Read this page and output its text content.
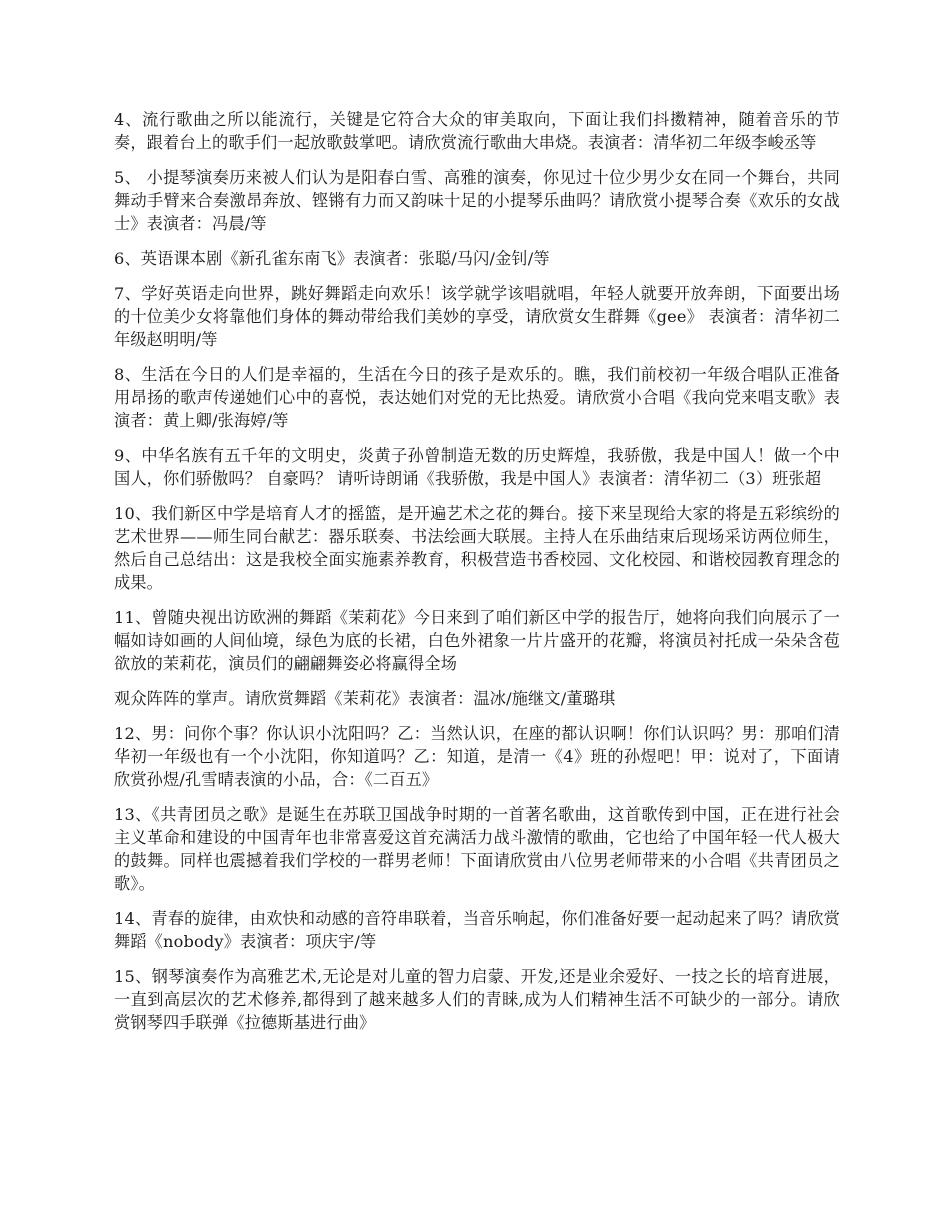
4、流行歌曲之所以能流行，关键是它符合大众的审美取向，下面让我们抖擞精神，随着音乐的节奏，跟着台上的歌手们一起放歌鼓掌吧。请欣赏流行歌曲大串烧。表演者：清华初二年级李峻丞等

5、 小提琴演奏历来被人们认为是阳春白雪、高雅的演奏，你见过十位少男少女在同一个舞台，共同舞动手臂来合奏激昂奔放、铿锵有力而又韵味十足的小提琴乐曲吗？请欣赏小提琴合奏《欢乐的女战士》表演者：冯晨/等

6、英语课本剧《新孔雀东南飞》表演者：张聪/马闪/金钊/等

7、学好英语走向世界，跳好舞蹈走向欢乐！该学就学该唱就唱，年轻人就要开放奔朗，下面要出场的十位美少女将靠他们身体的舞动带给我们美妙的享受，请欣赏女生群舞《gee》 表演者：清华初二年级赵明明/等

8、生活在今日的人们是幸福的，生活在今日的孩子是欢乐的。瞧，我们前校初一年级合唱队正准备用昂扬的歌声传递她们心中的喜悦，表达她们对党的无比热爱。请欣赏小合唱《我向党来唱支歌》表演者：黄上卿/张海婷/等

9、中华名族有五千年的文明史，炎黄子孙曾制造无数的历史辉煌，我骄傲，我是中国人！做一个中国人，你们骄傲吗？ 自豪吗？ 请听诗朗诵《我骄傲，我是中国人》表演者：清华初二（3）班张超

10、我们新区中学是培育人才的摇篮，是开遍艺术之花的舞台。接下来呈现给大家的将是五彩缤纷的艺术世界——师生同台献艺：器乐联奏、书法绘画大联展。主持人在乐曲结束后现场采访两位师生，然后自己总结出：这是我校全面实施素养教育，积极营造书香校园、文化校园、和谐校园教育理念的成果。

11、曾随央视出访欧洲的舞蹈《茉莉花》今日来到了咱们新区中学的报告厅，她将向我们向展示了一幅如诗如画的人间仙境，绿色为底的长裙，白色外裙象一片片盛开的花瓣，将演员衬托成一朵朵含苞欲放的茉莉花，演员们的翩翩舞姿必将赢得全场

观众阵阵的掌声。请欣赏舞蹈《茉莉花》表演者：温冰/施继文/董璐琪

12、男：问你个事？你认识小沈阳吗？乙：当然认识，在座的都认识啊！你们认识吗？男：那咱们清华初一年级也有一个小沈阳，你知道吗？乙：知道，是清一《4》班的孙煜吧！甲：说对了，下面请欣赏孙煜/孔雪晴表演的小品，合：《二百五》

13、《共青团员之歌》是诞生在苏联卫国战争时期的一首著名歌曲，这首歌传到中国，正在进行社会主义革命和建设的中国青年也非常喜爱这首充满活力战斗激情的歌曲，它也给了中国年轻一代人极大的鼓舞。同样也震撼着我们学校的一群男老师！下面请欣赏由八位男老师带来的小合唱《共青团员之歌》。

14、青春的旋律，由欢快和动感的音符串联着，当音乐响起，你们准备好要一起动起来了吗？请欣赏舞蹈《nobody》表演者：项庆宇/等

15、钢琴演奏作为高雅艺术,无论是对儿童的智力启蒙、开发,还是业余爱好、一技之长的培育进展，一直到高层次的艺术修养,都得到了越来越多人们的青睐,成为人们精神生活不可缺少的一部分。请欣赏钢琴四手联弹《拉德斯基进行曲》
